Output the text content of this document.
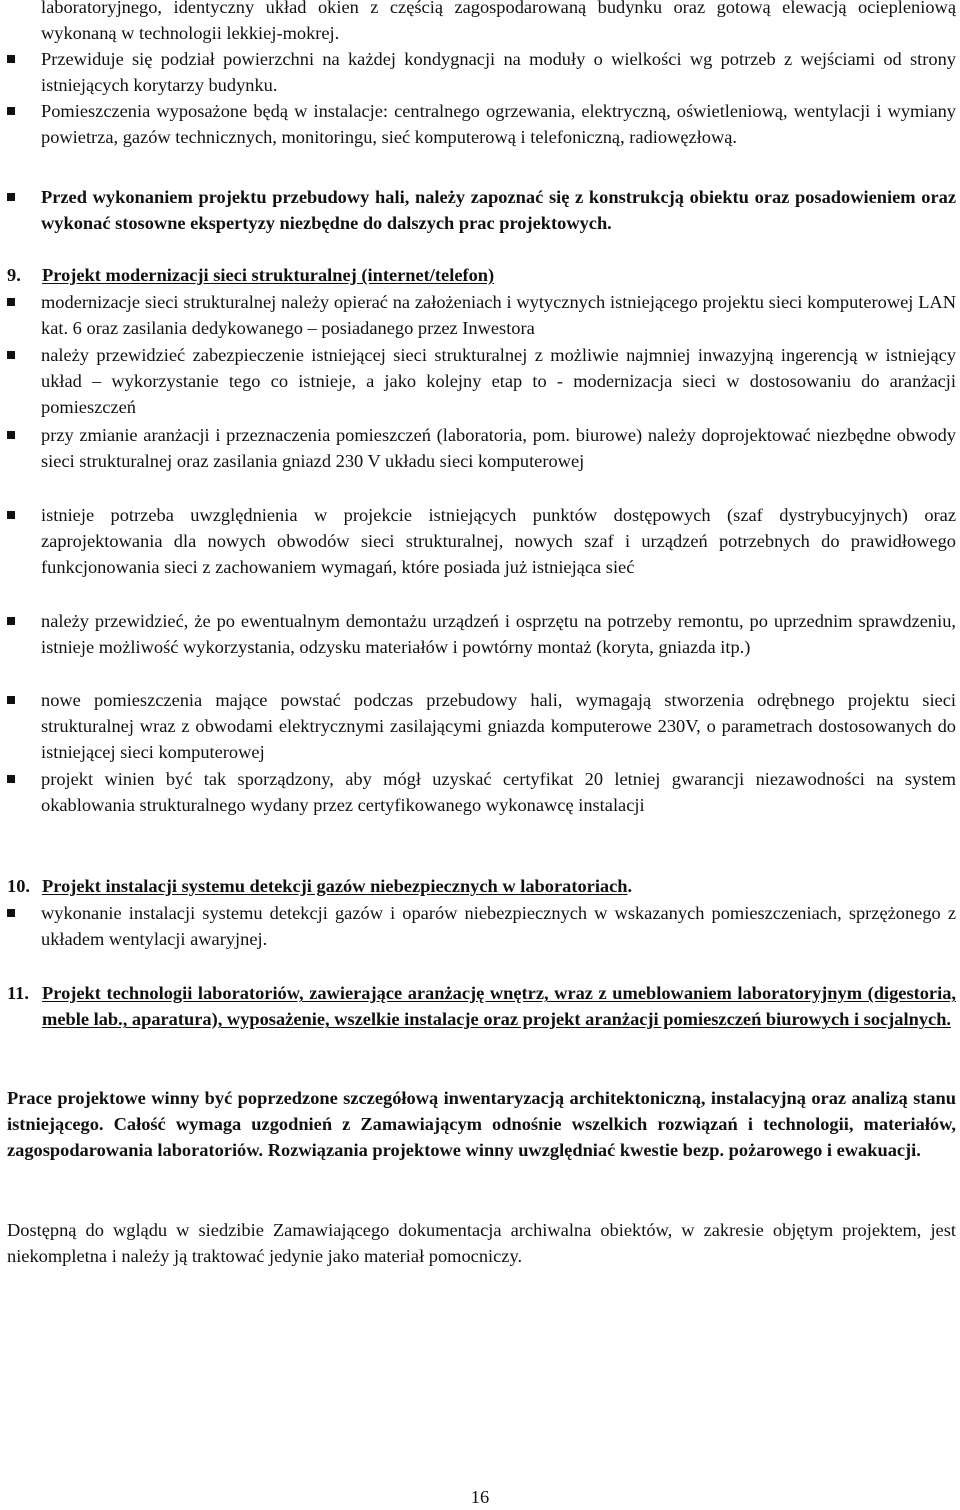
laboratoryjnego, identyczny układ okien z częścią zagospodarowaną budynku oraz gotową elewacją ociepleniową wykonaną w technologii lekkiej-mokrej.
Przewiduje się podział powierzchni na każdej kondygnacji na moduły o wielkości wg potrzeb z wejściami od strony istniejących korytarzy budynku.
Pomieszczenia wyposażone będą w instalacje: centralnego ogrzewania, elektryczną, oświetleniową, wentylacji i wymiany powietrza, gazów technicznych, monitoringu, sieć komputerową i telefoniczną, radiowęzłową.
Przed wykonaniem projektu przebudowy hali, należy zapoznać się z konstrukcją obiektu oraz posadowieniem oraz wykonać stosowne ekspertyzy niezbędne do dalszych prac projektowych.
9. Projekt modernizacji sieci strukturalnej (internet/telefon)
modernizacje sieci strukturalnej należy opierać na założeniach i wytycznych istniejącego projektu sieci komputerowej LAN kat. 6 oraz zasilania dedykowanego – posiadanego przez Inwestora
należy przewidzieć zabezpieczenie istniejącej sieci strukturalnej z możliwie najmniej inwazyjną ingerencją w istniejący układ – wykorzystanie tego co istnieje, a jako kolejny etap to - modernizacja sieci w dostosowaniu do aranżacji pomieszczeń
przy zmianie aranżacji i przeznaczenia pomieszczeń (laboratoria, pom. biurowe) należy doprojektować niezbędne obwody sieci strukturalnej oraz zasilania gniazd 230 V układu sieci komputerowej
istnieje potrzeba uwzględnienia w projekcie istniejących punktów dostępowych (szaf dystrybucyjnych) oraz zaprojektowania dla nowych obwodów sieci strukturalnej, nowych szaf i urządzeń potrzebnych do prawidłowego funkcjonowania sieci z zachowaniem wymagań, które posiada już istniejąca sieć
należy przewidzieć, że po ewentualnym demontażu urządzeń i osprzętu na potrzeby remontu, po uprzednim sprawdzeniu, istnieje możliwość wykorzystania, odzysku materiałów i powtórny montaż (koryta, gniazda itp.)
nowe pomieszczenia mające powstać podczas przebudowy hali, wymagają stworzenia odrębnego projektu sieci strukturalnej wraz z obwodami elektrycznymi zasilającymi gniazda komputerowe 230V, o parametrach dostosowanych do istniejącej sieci komputerowej
projekt winien być tak sporządzony, aby mógł uzyskać certyfikat 20 letniej gwarancji niezawodności na system okablowania strukturalnego wydany przez certyfikowanego wykonawcę instalacji
10. Projekt instalacji systemu detekcji gazów niebezpiecznych w laboratoriach.
wykonanie instalacji systemu detekcji gazów i oparów niebezpiecznych w wskazanych pomieszczeniach, sprzężonego z układem wentylacji awaryjnej.
11. Projekt technologii laboratoriów, zawierające aranżację wnętrz, wraz z umeblowaniem laboratoryjnym (digestoria, meble lab., aparatura), wyposażenie, wszelkie instalacje oraz projekt aranżacji pomieszczeń biurowych i socjalnych.
Prace projektowe winny być poprzedzone szczegółową inwentaryzacją architektoniczną, instalacyjną oraz analizą stanu istniejącego. Całość wymaga uzgodnień z Zamawiającym odnośnie wszelkich rozwiązań i technologii, materiałów, zagospodarowania laboratoriów. Rozwiązania projektowe winny uwzględniać kwestie bezp. pożarowego i ewakuacji.
Dostępną do wglądu w siedzibie Zamawiającego dokumentacja archiwalna obiektów, w zakresie objętym projektem, jest niekompletna i należy ją traktować jedynie jako materiał pomocniczy.
16
